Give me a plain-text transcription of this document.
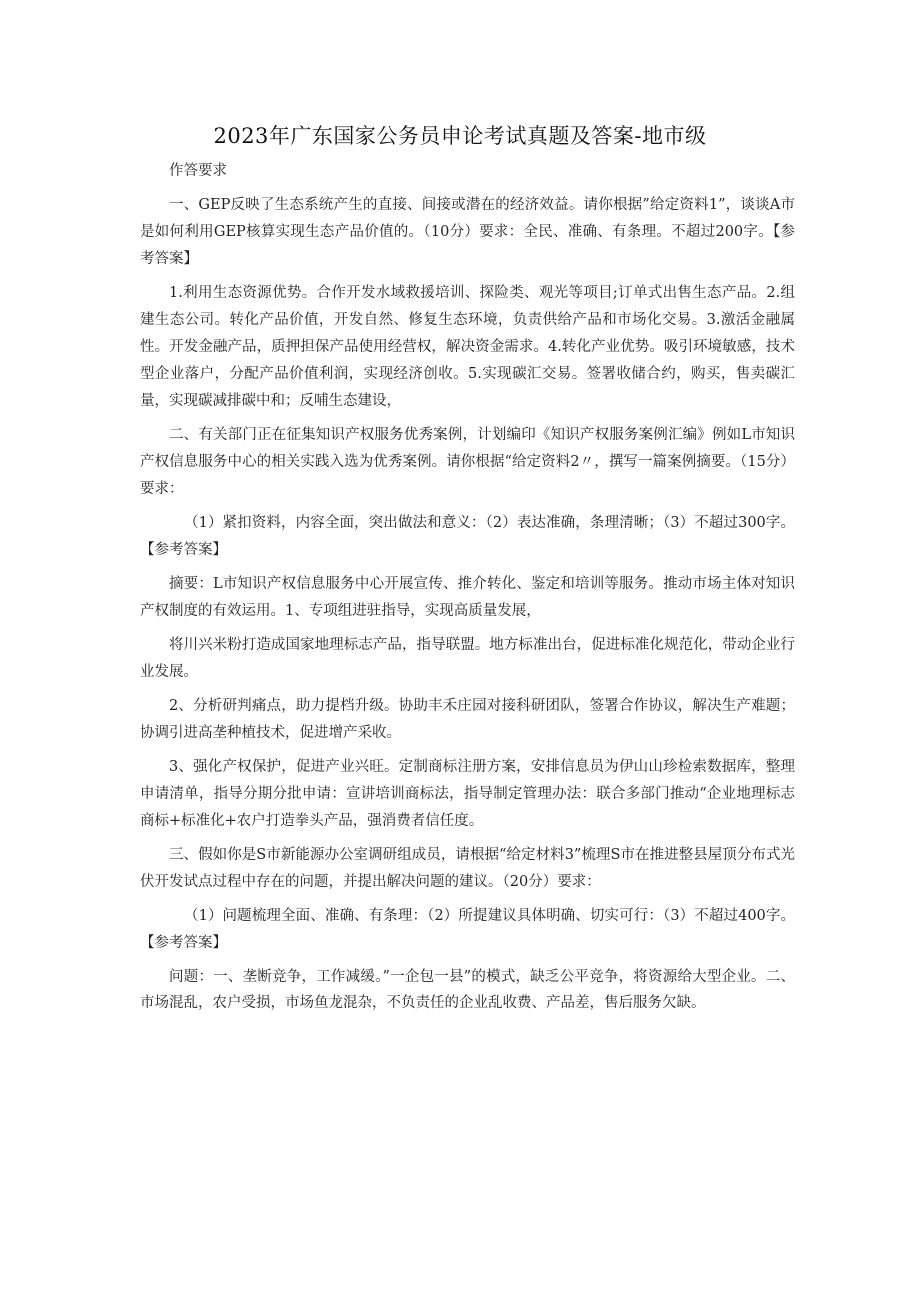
2023年广东国家公务员申论考试真题及答案-地市级

作答要求

一、GEP反映了生态系统产生的直接、间接或潜在的经济效益。请你根据”给定资料1”，谈谈A市是如何利用GEP核算实现生态产品价值的。（10分）要求：全民、准确、有条理。不超过200字。【参考答案】

1.利用生态资源优势。合作开发水域救援培训、探险类、观光等项目;订单式出售生态产品。2.组建生态公司。转化产品价值，开发自然、修复生态环境，负责供给产品和市场化交易。3.激活金融属性。开发金融产品，质押担保产品使用经营权，解决资金需求。4.转化产业优势。吸引环境敏感，技术型企业落户，分配产品价值利润，实现经济创收。5.实现碳汇交易。签署收储合约，购买，售卖碳汇量，实现碳减排碳中和；反哺生态建设，

二、有关部门正在征集知识产权服务优秀案例，计划编印《知识产权服务案例汇编》例如L市知识产权信息服务中心的相关实践入选为优秀案例。请你根据“给定资料2〃，撰写一篇案例摘要。（15分）要求：

（1）紧扣资料，内容全面，突出做法和意义：（2）表达准确，条理清晰；（3）不超过300字。【参考答案】

摘要：L市知识产权信息服务中心开展宣传、推介转化、鉴定和培训等服务。推动市场主体对知识产权制度的有效运用。1、专项组进驻指导，实现高质量发展，

将川兴米粉打造成国家地理标志产品，指导联盟。地方标准出台，促进标准化规范化，带动企业行业发展。

2、分析研判痛点，助力提档升级。协助丰禾庄园对接科研团队，签署合作协议，解决生产难题；协调引进高垄种植技术，促进增产采收。

3、强化产权保护，促进产业兴旺。定制商标注册方案，安排信息员为伊山山珍检索数据库，整理申请清单，指导分期分批申请：宣讲培训商标法，指导制定管理办法：联合多部门推动“企业地理标志商标+标准化+农户打造拳头产品，强消费者信任度。

三、假如你是S市新能源办公室调研组成员，请根据“给定材料3”梳理S市在推进整县屋顶分布式光伏开发试点过程中存在的问题，并提出解决问题的建议。（20分）要求：

（1）问题梳理全面、准确、有条理：（2）所提建议具体明确、切实可行：（3）不超过400字。【参考答案】

问题：一、垄断竞争，工作减缓。”一企包一县”的模式，缺乏公平竞争，将资源给大型企业。二、市场混乱，农户受损，市场鱼龙混杂，不负责任的企业乱收费、产品差，售后服务欠缺。
